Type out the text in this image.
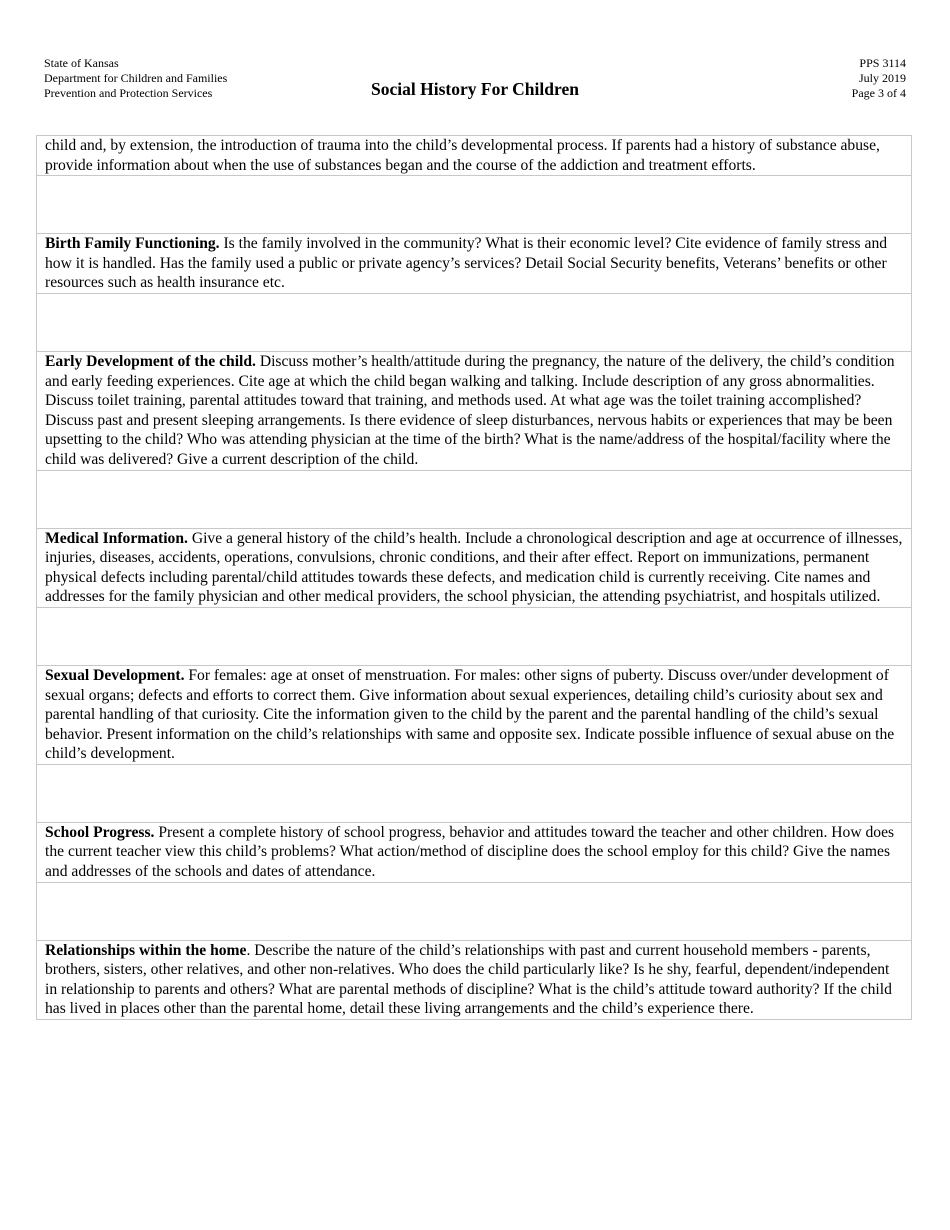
State of Kansas
Department for Children and Families
Prevention and Protection Services	Social History For Children
PPS 3114
July 2019
Page 3 of 4
child and, by extension, the introduction of trauma into the child’s developmental process. If parents had a history of substance abuse, provide information about when the use of substances began and the course of the addiction and treatment efforts.

Birth Family Functioning. Is the family involved in the community? What is their economic level? Cite evidence of family stress and how it is handled. Has the family used a public or private agency’s services? Detail Social Security benefits, Veterans’ benefits or other resources such as health insurance etc.

Early Development of the child. Discuss mother’s health/attitude during the pregnancy, the nature of the delivery, the child’s condition and early feeding experiences. Cite age at which the child began walking and talking. Include description of any gross abnormalities. Discuss toilet training, parental attitudes toward that training, and methods used. At what age was the toilet training accomplished? Discuss past and present sleeping arrangements. Is there evidence of sleep disturbances, nervous habits or experiences that may be been upsetting to the child? Who was attending physician at the time of the birth? What is the name/address of the hospital/facility where the child was delivered? Give a current description of the child.

Medical Information. Give a general history of the child’s health. Include a chronological description and age at occurrence of illnesses, injuries, diseases, accidents, operations, convulsions, chronic conditions, and their after effect. Report on immunizations, permanent physical defects including parental/child attitudes towards these defects, and medication child is currently receiving. Cite names and addresses for the family physician and other medical providers, the school physician, the attending psychiatrist, and hospitals utilized.

Sexual Development. For females: age at onset of menstruation. For males: other signs of puberty. Discuss over/under development of sexual organs; defects and efforts to correct them. Give information about sexual experiences, detailing child’s curiosity about sex and parental handling of that curiosity. Cite the information given to the child by the parent and the parental handling of the child’s sexual behavior. Present information on the child’s relationships with same and opposite sex. Indicate possible influence of sexual abuse on the child’s development.

School Progress. Present a complete history of school progress, behavior and attitudes toward the teacher and other children. How does the current teacher view this child’s problems? What action/method of discipline does the school employ for this child? Give the names and addresses of the schools and dates of attendance.

Relationships within the home. Describe the nature of the child’s relationships with past and current household members - parents, brothers, sisters, other relatives, and other non-relatives. Who does the child particularly like? Is he shy, fearful, dependent/independent in relationship to parents and others? What are parental methods of discipline? What is the child’s attitude toward authority? If the child has lived in places other than the parental home, detail these living arrangements and the child’s experience there.
